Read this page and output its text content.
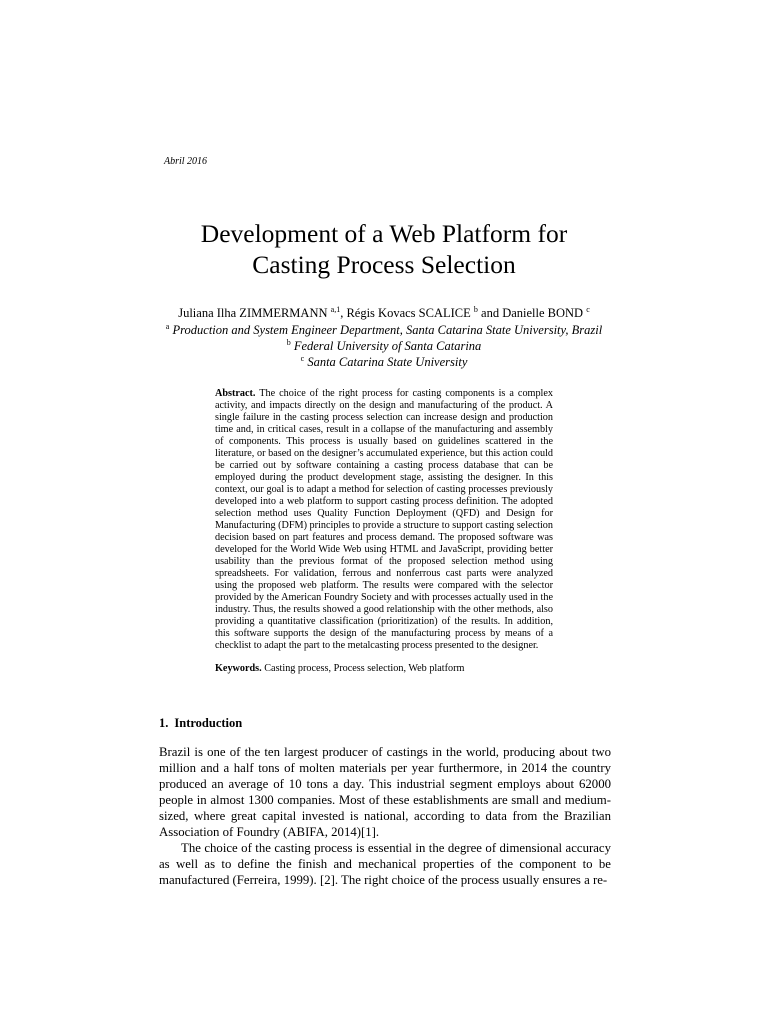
Abril 2016
Development of a Web Platform for
Casting Process Selection
Juliana Ilha ZIMMERMANN $^{a,1}$, Régis Kovacs SCALICE $^b$ and Danielle BOND $^c$
$^a$ Production and System Engineer Department, Santa Catarina State University, Brazil
$^b$ Federal University of Santa Catarina
$^c$ Santa Catarina State University
Abstract. The choice of the right process for casting components is a complex activity, and impacts directly on the design and manufacturing of the product. A single failure in the casting process selection can increase design and production time and, in critical cases, result in a collapse of the manufacturing and assembly of components. This process is usually based on guidelines scattered in the literature, or based on the designer’s accumulated experience, but this action could be carried out by software containing a casting process database that can be employed during the product development stage, assisting the designer. In this context, our goal is to adapt a method for selection of casting processes previously developed into a web platform to support casting process definition. The adopted selection method uses Quality Function Deployment (QFD) and Design for Manufacturing (DFM) principles to provide a structure to support casting selection decision based on part features and process demand. The proposed software was developed for the World Wide Web using HTML and JavaScript, providing better usability than the previous format of the proposed selection method using spreadsheets. For validation, ferrous and nonferrous cast parts were analyzed using the proposed web platform. The results were compared with the selector provided by the American Foundry Society and with processes actually used in the industry. Thus, the results showed a good relationship with the other methods, also providing a quantitative classification (prioritization) of the results. In addition, this software supports the design of the manufacturing process by means of a checklist to adapt the part to the metalcasting process presented to the designer.
Keywords. Casting process, Process selection, Web platform
1. Introduction

Brazil is one of the ten largest producer of castings in the world, producing about two million and a half tons of molten materials per year furthermore, in 2014 the country produced an average of 10 tons a day. This industrial segment employs about 62000 people in almost 1300 companies. Most of these establishments are small and medium-sized, where great capital invested is national, according to data from the Brazilian Association of Foundry (ABIFA, 2014)[1].

The choice of the casting process is essential in the degree of dimensional accuracy as well as to define the finish and mechanical properties of the component to be manufactured (Ferreira, 1999). [2]. The right choice of the process usually ensures a re-
